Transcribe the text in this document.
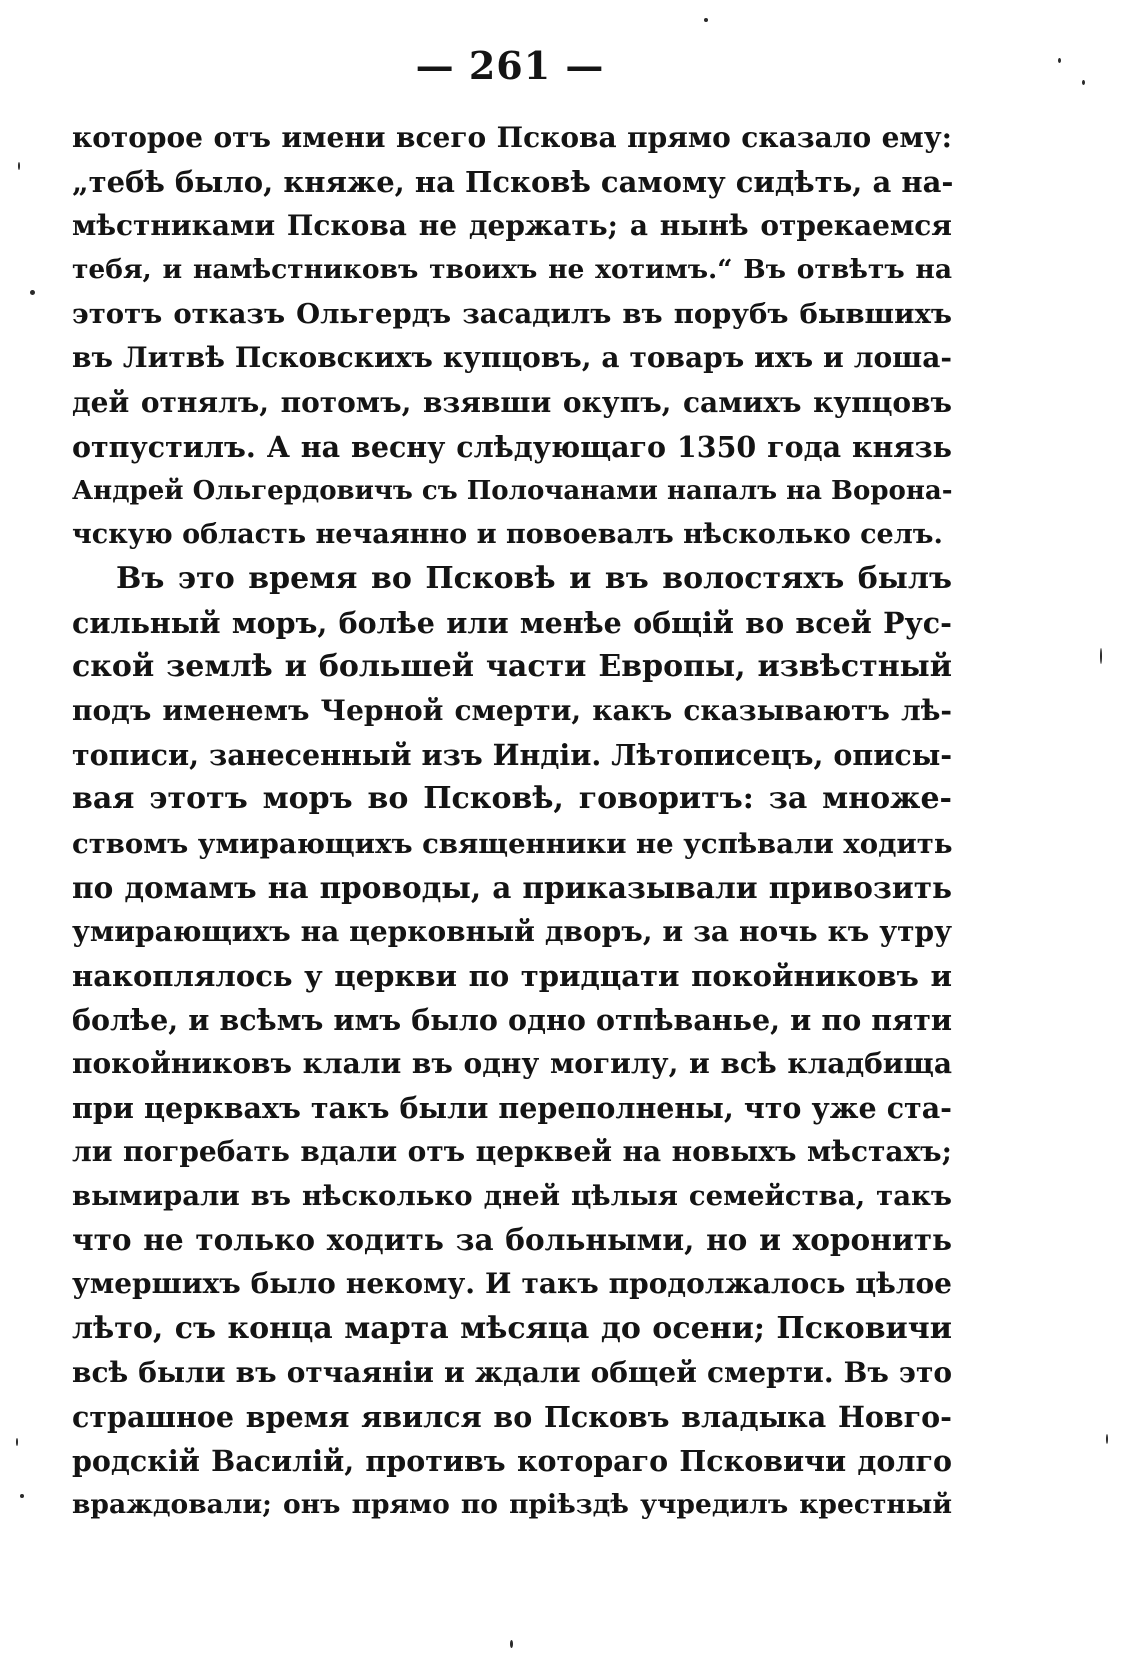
— 261 —
которое отъ имени всего Пскова прямо сказало ему:
„тебѣ было, княже, на Псковѣ самому сидѣть, а на-
мѣстниками Пскова не держать; а нынѣ отрекаемся
тебя, и намѣстниковъ твоихъ не хотимъ.“ Въ отвѣтъ на
этотъ отказъ Ольгердъ засадилъ въ порубъ бывшихъ
въ Литвѣ Псковскихъ купцовъ, а товаръ ихъ и лоша-
дей отнялъ, потомъ, взявши окупъ, самихъ купцовъ
отпустилъ. А на весну слѣдующаго 1350 года князь
Андрей Ольгердовичъ съ Полочанами напалъ на Ворона-
чскую область нечаянно и повоевалъ нѣсколько селъ.
Въ это время во Псковѣ и въ волостяхъ былъ
сильный моръ, болѣе или менѣе общій во всей Рус-
ской землѣ и большей части Европы, извѣстный
подъ именемъ Черной смерти, какъ сказываютъ лѣ-
тописи, занесенный изъ Индіи. Лѣтописецъ, описы-
вая этотъ моръ во Псковѣ, говоритъ: за множе-
ствомъ умирающихъ священники не успѣвали ходить
по домамъ на проводы, а приказывали привозить
умирающихъ на церковный дворъ, и за ночь къ утру
накоплялось у церкви по тридцати покойниковъ и
болѣе, и всѣмъ имъ было одно отпѣванье, и по пяти
покойниковъ клали въ одну могилу, и всѣ кладбища
при церквахъ такъ были переполнены, что уже ста-
ли погребать вдали отъ церквей на новыхъ мѣстахъ;
вымирали въ нѣсколько дней цѣлыя семейства, такъ
что не только ходить за больными, но и хоронить
умершихъ было некому. И такъ продолжалось цѣлое
лѣто, съ конца марта мѣсяца до осени; Псковичи
всѣ были въ отчаяніи и ждали общей смерти. Въ это
страшное время явился во Псковъ владыка Новго-
родскій Василій, противъ котораго Псковичи долго
враждовали; онъ прямо по пріѣздѣ учредилъ крестный
